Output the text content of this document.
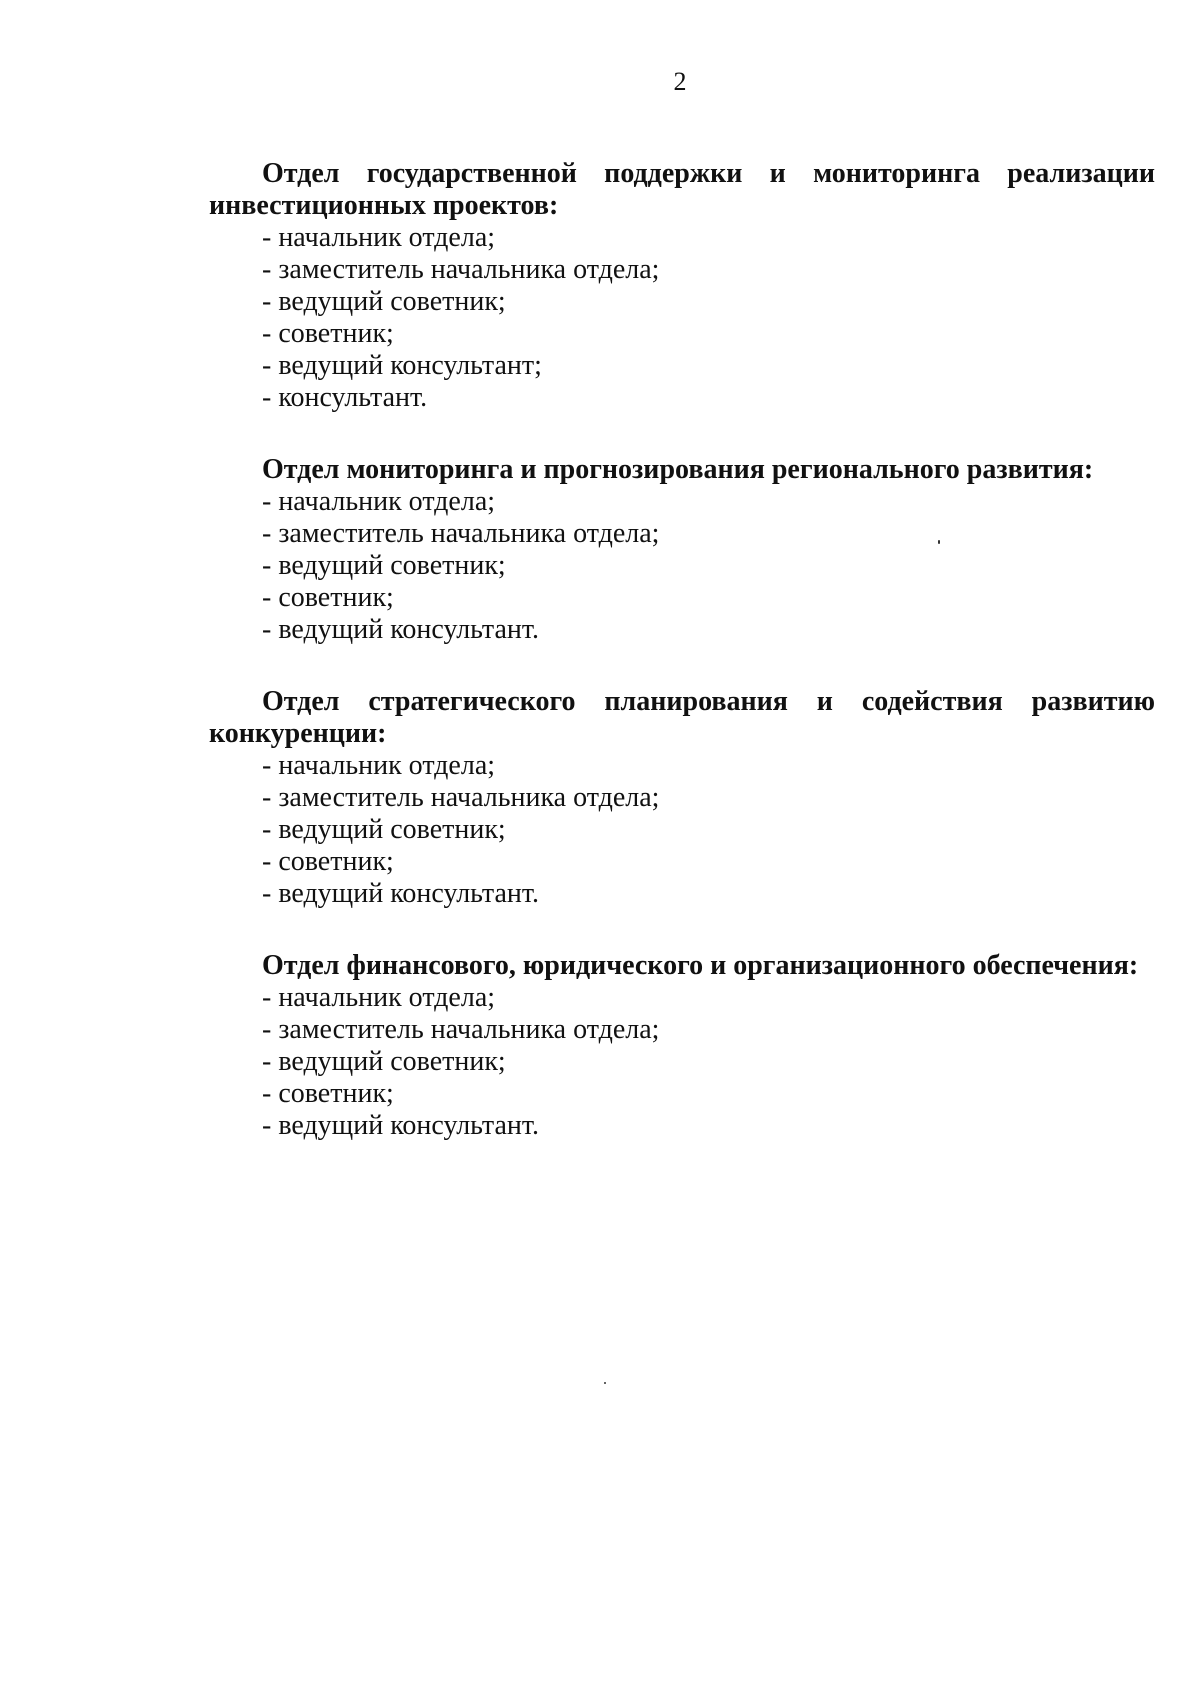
2

Отдел государственной поддержки и мониторинга реализации инвестиционных проектов:

- начальник отдела;
- заместитель начальника отдела;
- ведущий советник;
- советник;
- ведущий консультант;
- консультант.

Отдел мониторинга и прогнозирования регионального развития:

- начальник отдела;
- заместитель начальника отдела;
- ведущий советник;
- советник;
- ведущий консультант.

Отдел стратегического планирования и содействия развитию конкуренции:

- начальник отдела;
- заместитель начальника отдела;
- ведущий советник;
- советник;
- ведущий консультант.

Отдел финансового, юридического и организационного обеспечения:

- начальник отдела;
- заместитель начальника отдела;
- ведущий советник;
- советник;
- ведущий консультант.
